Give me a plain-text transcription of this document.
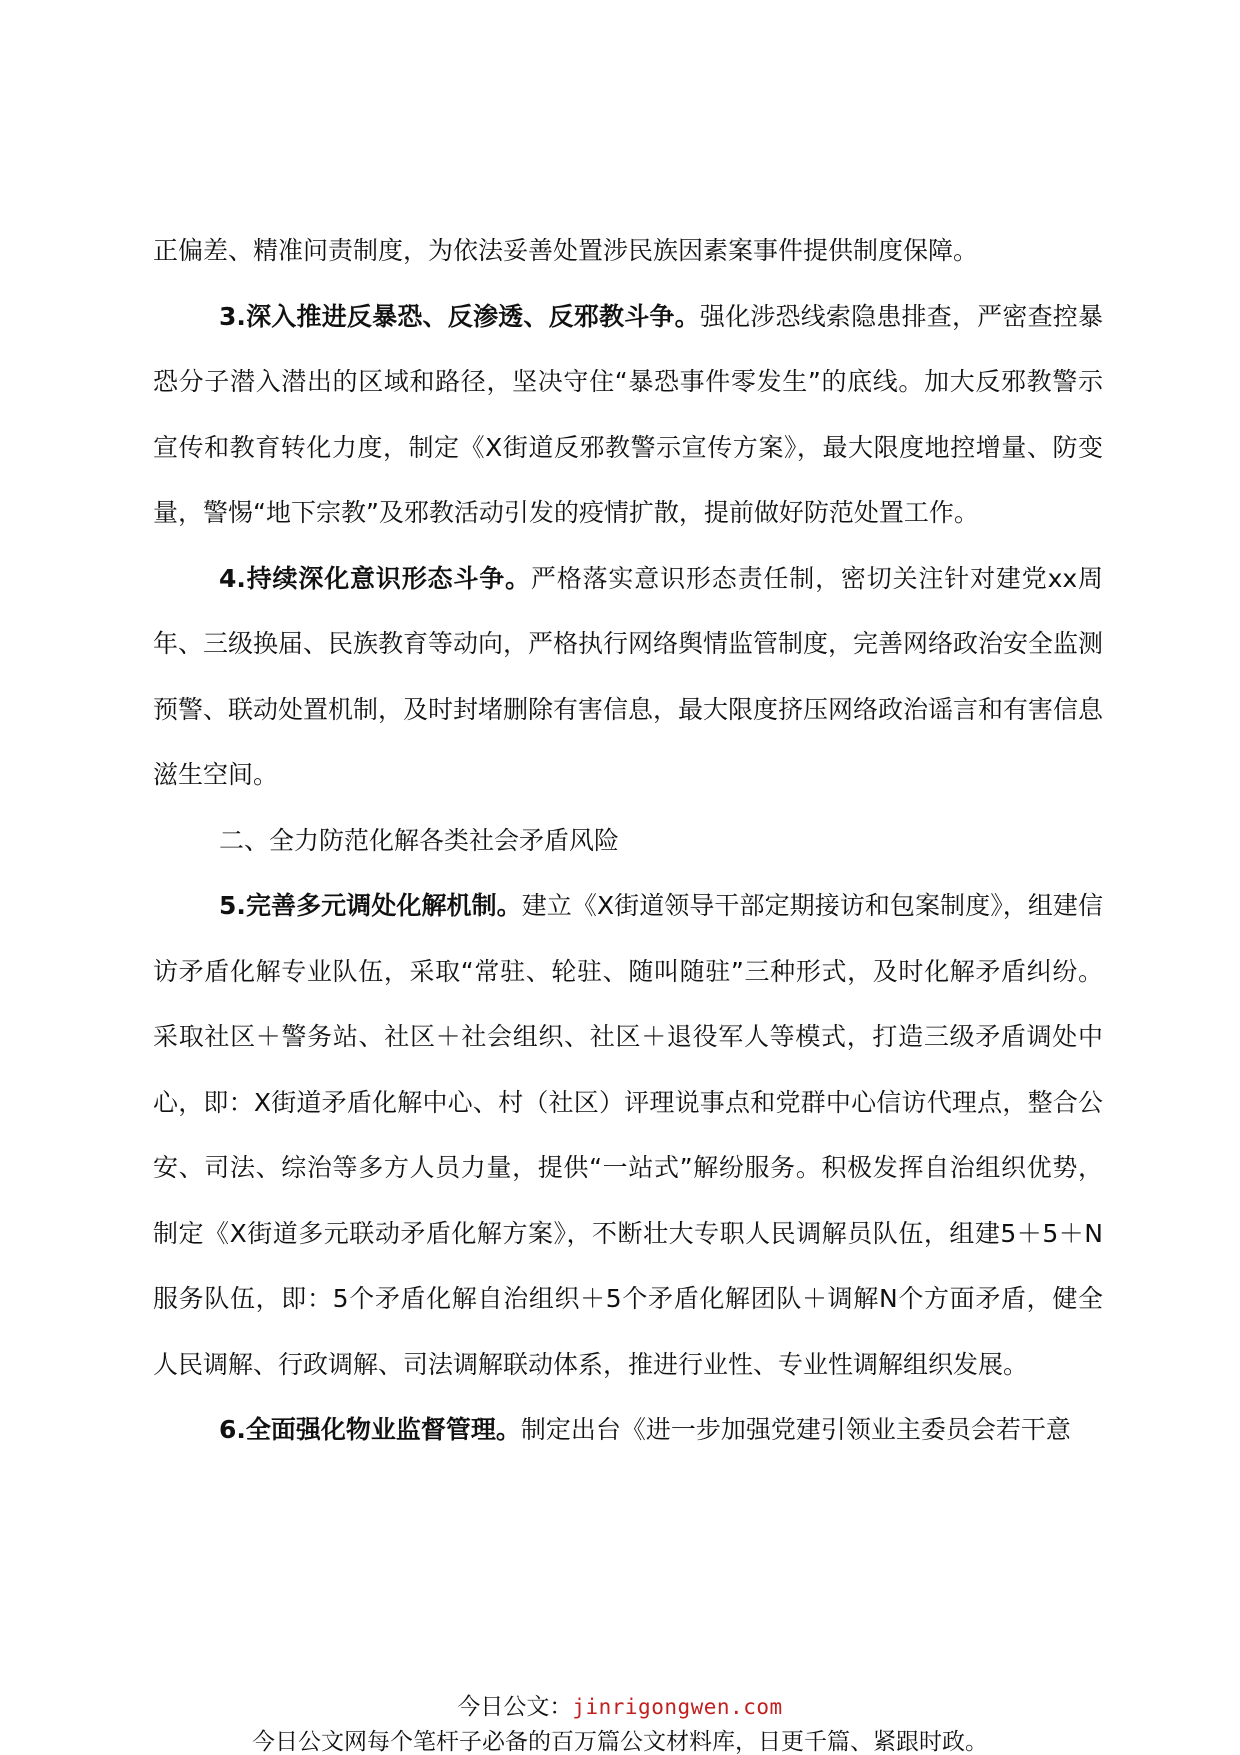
正偏差、精准问责制度，为依法妥善处置涉民族因素案事件提供制度保障。

3.深入推进反暴恐、反渗透、反邪教斗争。强化涉恐线索隐患排查，严密查控暴恐分子潜入潜出的区域和路径，坚决守住“暴恐事件零发生”的底线。加大反邪教警示宣传和教育转化力度，制定《X街道反邪教警示宣传方案》，最大限度地控增量、防变量，警惕“地下宗教”及邪教活动引发的疫情扩散，提前做好防范处置工作。

4.持续深化意识形态斗争。严格落实意识形态责任制，密切关注针对建党xx周年、三级换届、民族教育等动向，严格执行网络舆情监管制度，完善网络政治安全监测预警、联动处置机制，及时封堵删除有害信息，最大限度挤压网络政治谣言和有害信息滋生空间。

二、全力防范化解各类社会矛盾风险

5.完善多元调处化解机制。建立《X街道领导干部定期接访和包案制度》，组建信访矛盾化解专业队伍，采取“常驻、轮驻、随叫随驻”三种形式，及时化解矛盾纠纷。采取社区＋警务站、社区＋社会组织、社区＋退役军人等模式，打造三级矛盾调处中心，即：X街道矛盾化解中心、村（社区）评理说事点和党群中心信访代理点，整合公安、司法、综治等多方人员力量，提供“一站式”解纷服务。积极发挥自治组织优势，制定《X街道多元联动矛盾化解方案》，不断壮大专职人民调解员队伍，组建5＋5＋N服务队伍，即：5个矛盾化解自治组织＋5个矛盾化解团队＋调解N个方面矛盾，健全人民调解、行政调解、司法调解联动体系，推进行业性、专业性调解组织发展。

6.全面强化物业监督管理。制定出台《进一步加强党建引领业主委员会若干意

今日公文：jinrigongwen.com
今日公文网每个笔杆子必备的百万篇公文材料库，日更千篇、紧跟时政。
